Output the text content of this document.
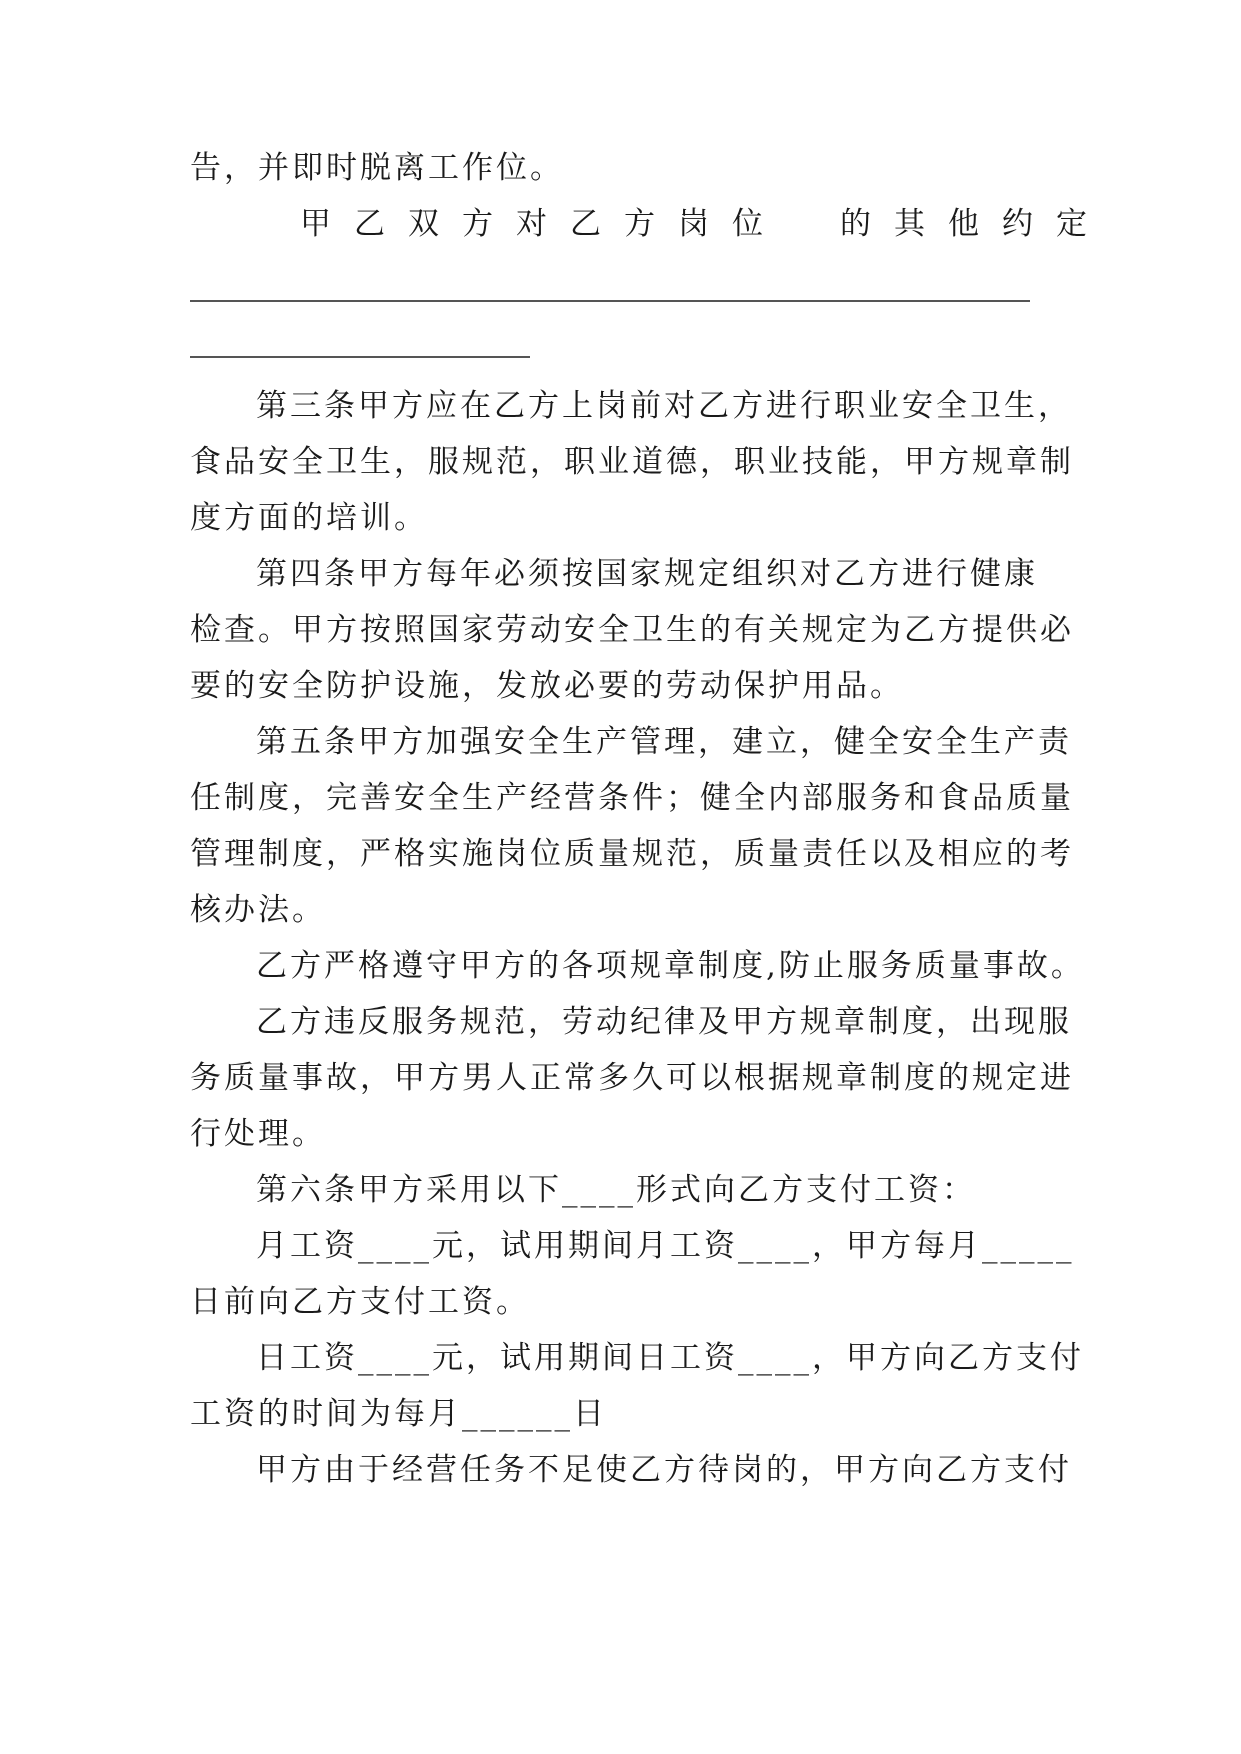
告，并即时脱离工作位。
甲乙双方对乙方岗位　的其他约定
第三条甲方应在乙方上岗前对乙方进行职业安全卫生，
食品安全卫生，服规范，职业道德，职业技能，甲方规章制
度方面的培训。
第四条甲方每年必须按国家规定组织对乙方进行健康
检查。甲方按照国家劳动安全卫生的有关规定为乙方提供必
要的安全防护设施，发放必要的劳动保护用品。
第五条甲方加强安全生产管理，建立，健全安全生产责
任制度，完善安全生产经营条件；健全内部服务和食品质量
管理制度，严格实施岗位质量规范，质量责任以及相应的考
核办法。
乙方严格遵守甲方的各项规章制度,防止服务质量事故。
乙方违反服务规范，劳动纪律及甲方规章制度，出现服
务质量事故，甲方男人正常多久可以根据规章制度的规定进
行处理。
第六条甲方采用以下____形式向乙方支付工资：
月工资____元，试用期间月工资____，甲方每月_____
日前向乙方支付工资。
日工资____元，试用期间日工资____，甲方向乙方支付
工资的时间为每月______日
甲方由于经营任务不足使乙方待岗的，甲方向乙方支付
